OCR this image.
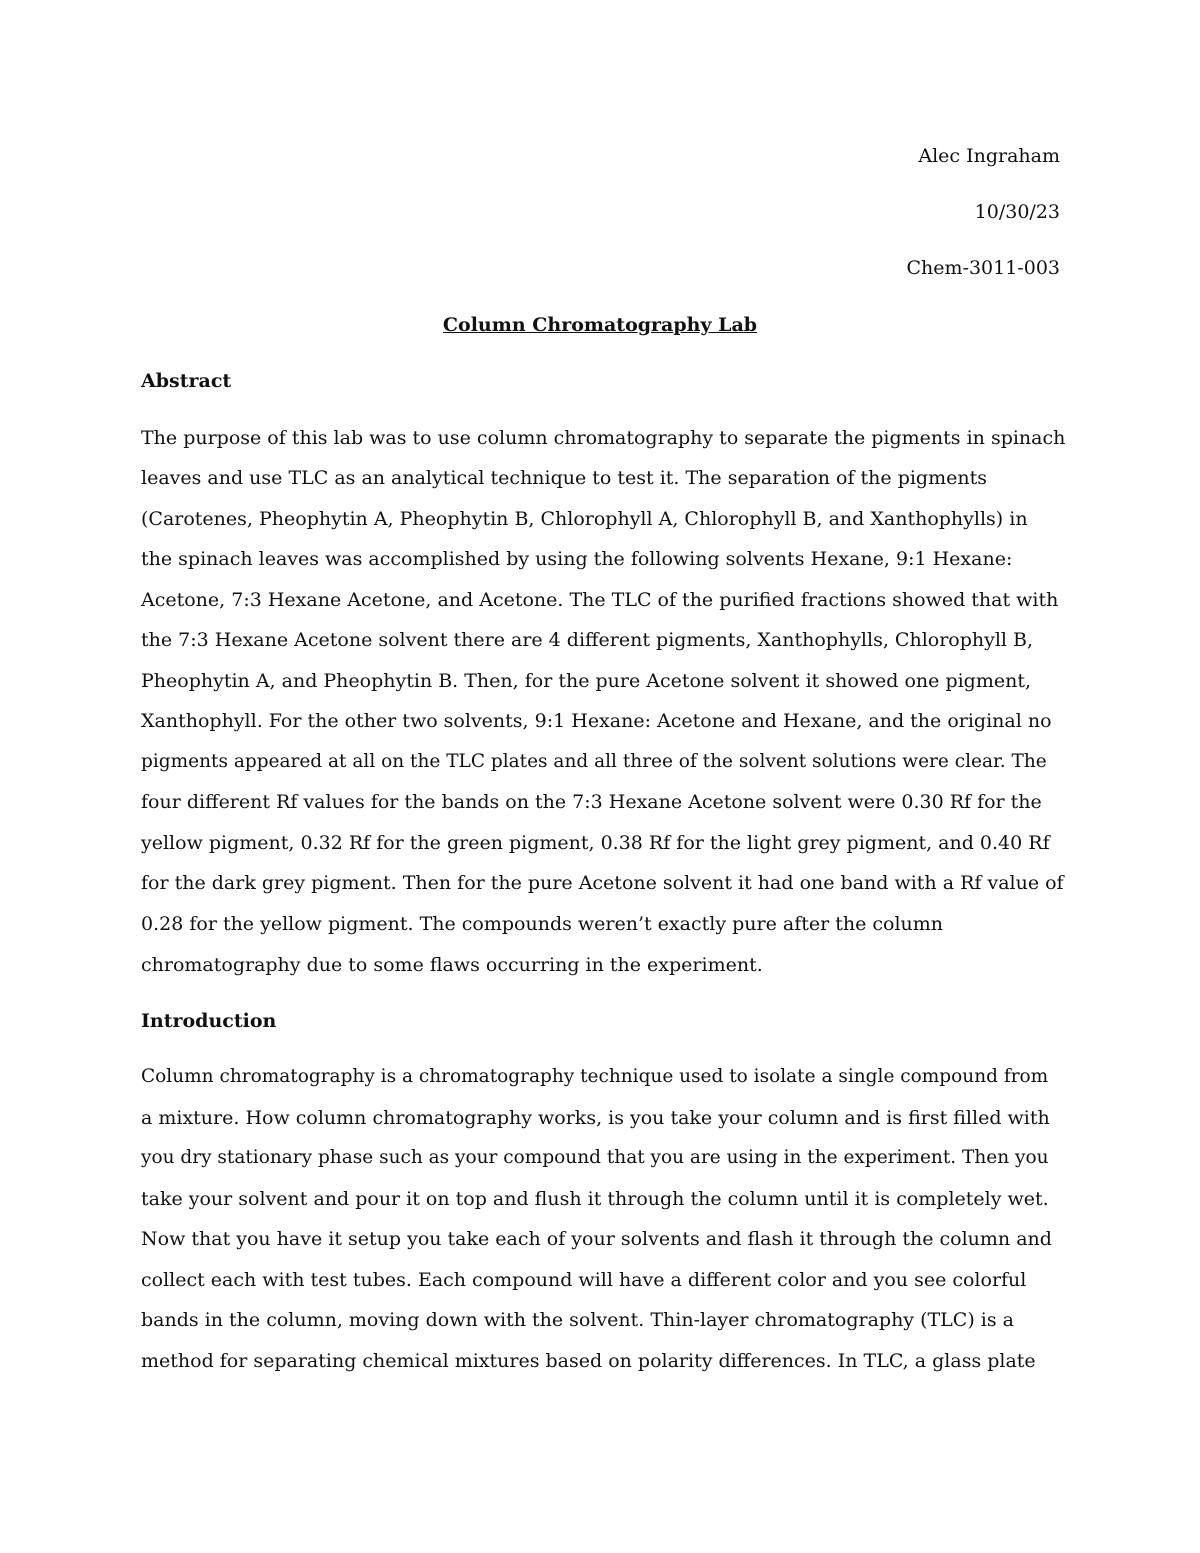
Alec Ingraham
10/30/23
Chem-3011-003
Column Chromatography Lab
Abstract
The purpose of this lab was to use column chromatography to separate the pigments in spinach
leaves and use TLC as an analytical technique to test it. The separation of the pigments
(Carotenes, Pheophytin A, Pheophytin B, Chlorophyll A, Chlorophyll B, and Xanthophylls) in
the spinach leaves was accomplished by using the following solvents Hexane, 9:1 Hexane:
Acetone, 7:3 Hexane Acetone, and Acetone. The TLC of the purified fractions showed that with
the 7:3 Hexane Acetone solvent there are 4 different pigments, Xanthophylls, Chlorophyll B,
Pheophytin A, and Pheophytin B. Then, for the pure Acetone solvent it showed one pigment,
Xanthophyll. For the other two solvents, 9:1 Hexane: Acetone and Hexane, and the original no
pigments appeared at all on the TLC plates and all three of the solvent solutions were clear. The
four different Rf values for the bands on the 7:3 Hexane Acetone solvent were 0.30 Rf for the
yellow pigment, 0.32 Rf for the green pigment, 0.38 Rf for the light grey pigment, and 0.40 Rf
for the dark grey pigment. Then for the pure Acetone solvent it had one band with a Rf value of
0.28 for the yellow pigment. The compounds weren’t exactly pure after the column
chromatography due to some flaws occurring in the experiment.
Introduction
Column chromatography is a chromatography technique used to isolate a single compound from
a mixture. How column chromatography works, is you take your column and is first filled with
you dry stationary phase such as your compound that you are using in the experiment. Then you
take your solvent and pour it on top and flush it through the column until it is completely wet.
Now that you have it setup you take each of your solvents and flash it through the column and
collect each with test tubes. Each compound will have a different color and you see colorful
bands in the column, moving down with the solvent. Thin-layer chromatography (TLC) is a
method for separating chemical mixtures based on polarity differences. In TLC, a glass plate
